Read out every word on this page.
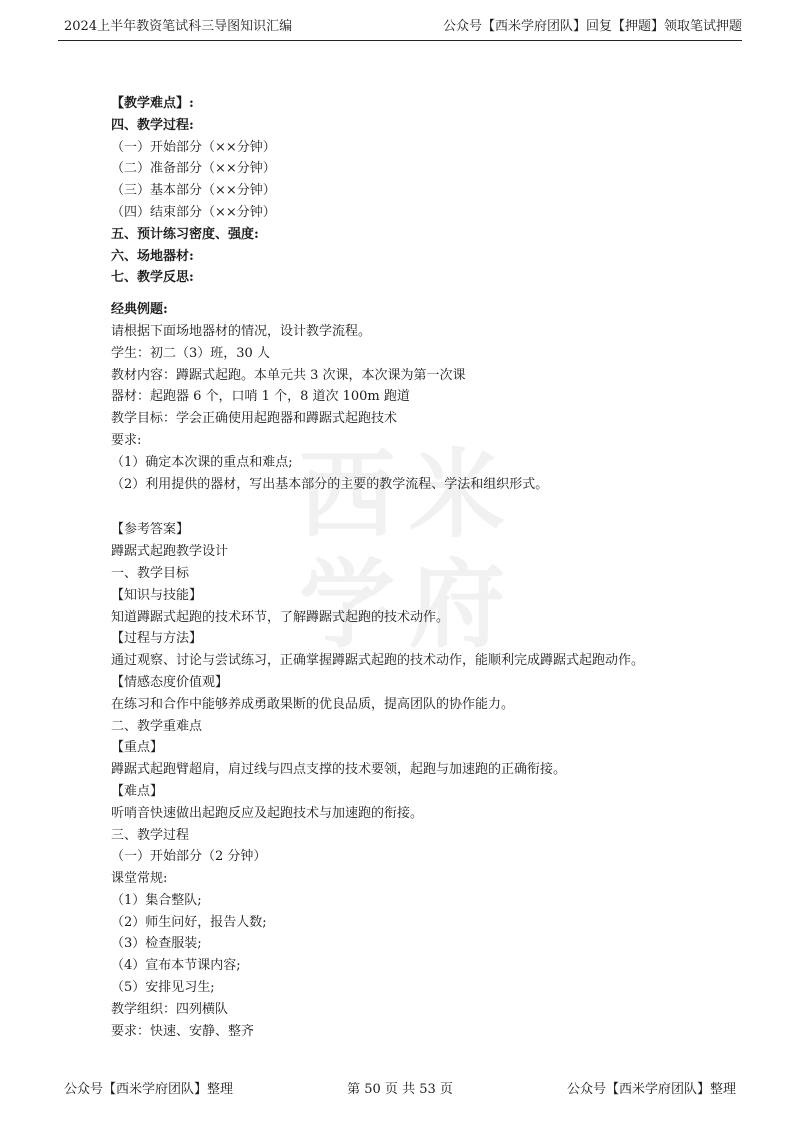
2024上半年教资笔试科三导图知识汇编	公众号【西米学府团队】回复【押题】领取笔试押题
西 米
学 府
【教学难点】:
四、教学过程:
（一）开始部分（××分钟）
（二）准备部分（××分钟）
（三）基本部分（××分钟）
（四）结束部分（××分钟）
五、预计练习密度、强度:
六、场地器材:
七、教学反思:
经典例题:
请根据下面场地器材的情况，设计教学流程。
学生：初二（3）班，30 人
教材内容：蹲踞式起跑。本单元共 3 次课，本次课为第一次课
器材：起跑器 6 个，口哨 1 个，8 道次 100m 跑道
教学目标：学会正确使用起跑器和蹲踞式起跑技术
要求:
（1）确定本次课的重点和难点;
（2）利用提供的器材，写出基本部分的主要的教学流程、学法和组织形式。
【参考答案】
蹲踞式起跑教学设计
一、教学目标
【知识与技能】
知道蹲踞式起跑的技术环节，了解蹲踞式起跑的技术动作。
【过程与方法】
通过观察、讨论与尝试练习，正确掌握蹲踞式起跑的技术动作，能顺利完成蹲踞式起跑动作。
【情感态度价值观】
在练习和合作中能够养成勇敢果断的优良品质，提高团队的协作能力。
二、教学重难点
【重点】
蹲踞式起跑臂超肩，肩过线与四点支撑的技术要领，起跑与加速跑的正确衔接。
【难点】
听哨音快速做出起跑反应及起跑技术与加速跑的衔接。
三、教学过程
（一）开始部分（2 分钟）
课堂常规:
（1）集合整队;
（2）师生问好，报告人数;
（3）检查服装;
（4）宣布本节课内容;
（5）安排见习生;
教学组织：四列横队
要求：快速、安静、整齐
公众号【西米学府团队】整理	第 50 页 共 53 页	公众号【西米学府团队】整理
